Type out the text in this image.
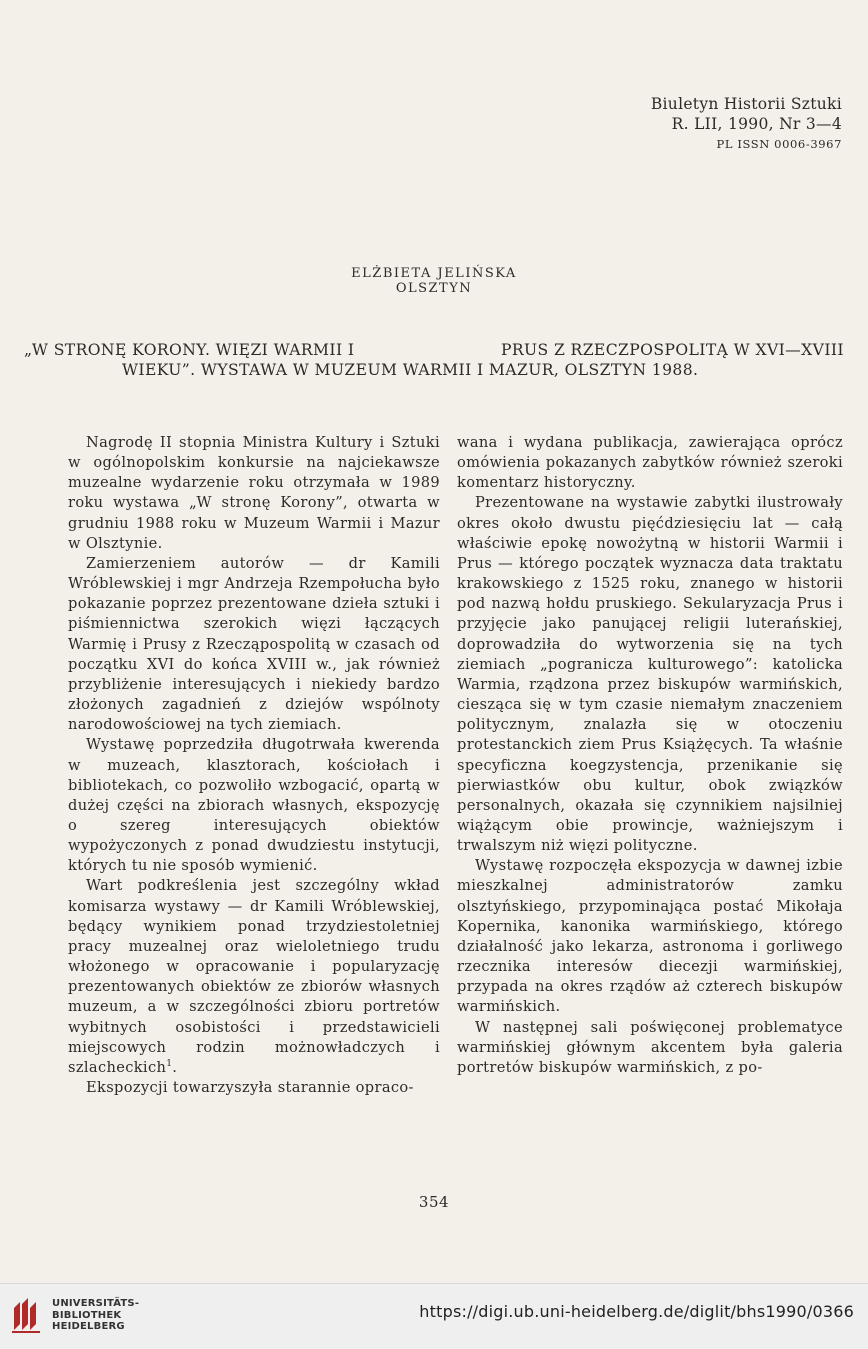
Biuletyn Historii Sztuki
R. LII, 1990, Nr 3—4
PL ISSN 0006-3967
ELŻBIETA JELIŃSKA
OLSZTYN
„W STRONĘ KORONY. WIĘZI WARMII I	PRUS Z RZECZPOSPOLITĄ W XVI—XVIII
WIEKU”. WYSTAWA W MUZEUM WARMII I MAZUR, OLSZTYN 1988.

Nagrodę II stopnia Ministra Kultury i Sztuki w ogólnopolskim konkursie na najciekawsze muzealne wydarzenie roku otrzymała w 1989 roku wystawa „W stronę Korony”, otwarta w grudniu 1988 roku w Muzeum Warmii i Mazur w Olsztynie.

Zamierzeniem autorów — dr Kamili Wróblewskiej i mgr Andrzeja Rzempołucha było pokazanie poprzez prezentowane dzieła sztuki i piśmiennictwa szerokich więzi łączących Warmię i Prusy z Rzecząpospolitą w czasach od początku XVI do końca XVIII w., jak również przybliżenie interesujących i niekiedy bardzo złożonych zagadnień z dziejów wspólnoty narodowościowej na tych ziemiach.

Wystawę poprzedziła długotrwała kwerenda w muzeach, klasztorach, kościołach i bibliotekach, co pozwoliło wzbogacić, opartą w dużej części na zbiorach własnych, ekspozycję o szereg interesujących obiektów wypożyczonych z ponad dwudziestu instytucji, których tu nie sposób wymienić.

Wart podkreślenia jest szczególny wkład komisarza wystawy — dr Kamili Wróblewskiej, będący wynikiem ponad trzydziestoletniej pracy muzealnej oraz wieloletniego trudu włożonego w opracowanie i popularyzację prezentowanych obiektów ze zbiorów własnych muzeum, a w szczególności zbioru portretów wybitnych osobistości i przedstawicieli miejscowych rodzin możnowładczych i szlacheckich$^1$.

Ekspozycji towarzyszyła starannie opraco-

wana i wydana publikacja, zawierająca oprócz omówienia pokazanych zabytków również szeroki komentarz historyczny.

Prezentowane na wystawie zabytki ilustrowały okres około dwustu pięćdziesięciu lat — całą właściwie epokę nowożytną w historii Warmii i Prus — którego początek wyznacza data traktatu krakowskiego z 1525 roku, znanego w historii pod nazwą hołdu pruskiego. Sekularyzacja Prus i przyjęcie jako panującej religii luterańskiej, doprowadziła do wytworzenia się na tych ziemiach „pogranicza kulturowego”: katolicka Warmia, rządzona przez biskupów warmińskich, ciesząca się w tym czasie niemałym znaczeniem politycznym, znalazła się w otoczeniu protestanckich ziem Prus Książęcych. Ta właśnie specyficzna koegzystencja, przenikanie się pierwiastków obu kultur, obok związków personalnych, okazała się czynnikiem najsilniej wiążącym obie prowincje, ważniejszym i trwalszym niż więzi polityczne.

Wystawę rozpoczęła ekspozycja w dawnej izbie mieszkalnej administratorów zamku olsztyńskiego, przypominająca postać Mikołaja Kopernika, kanonika warmińskiego, którego działalność jako lekarza, astronoma i gorliwego rzecznika interesów diecezji warmińskiej, przypada na okres rządów aż czterech biskupów warmińskich.

W następnej sali poświęconej problematyce warmińskiej głównym akcentem była galeria portretów biskupów warmińskich, z po-

354
UNIVERSITÄTS-
BIBLIOTHEK
HEIDELBERG
https://digi.ub.uni-heidelberg.de/diglit/bhs1990/0366
